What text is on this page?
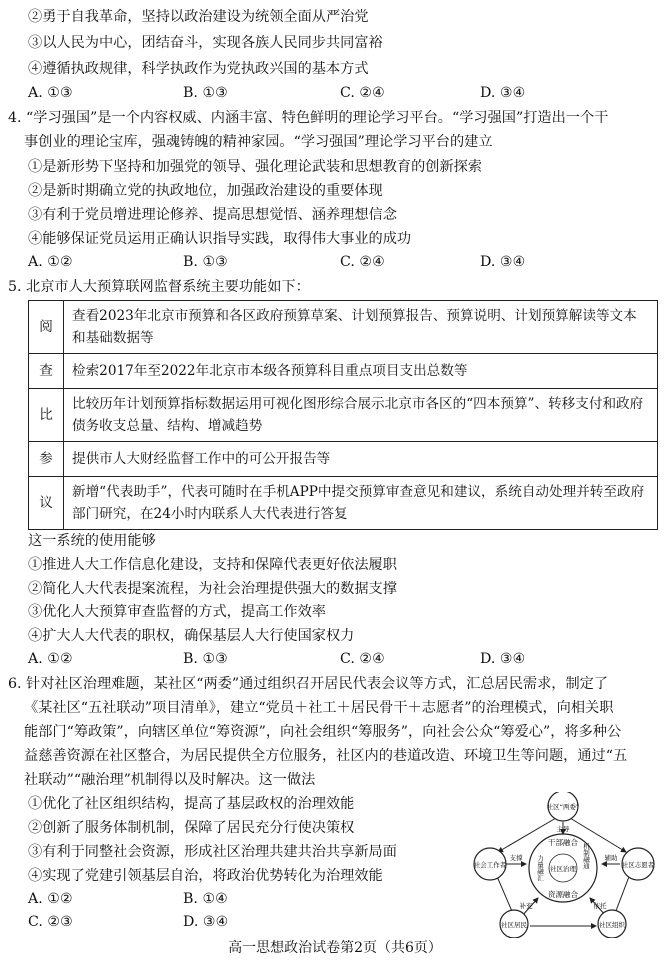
②勇于自我革命，坚持以政治建设为统领全面从严治党
③以人民为中心，团结奋斗，实现各族人民同步共同富裕
④遵循执政规律，科学执政作为党执政兴国的基本方式
A. ①③	B. ①③	C. ②④	D. ③④
4. “学习强国”是一个内容权威、内涵丰富、特色鲜明的理论学习平台。“学习强国”打造出一个干
事创业的理论宝库，强魂铸魄的精神家园。“学习强国”理论学习平台的建立
①是新形势下坚持和加强党的领导、强化理论武装和思想教育的创新探索
②是新时期确立党的执政地位，加强政治建设的重要体现
③有利于党员增进理论修养、提高思想觉悟、涵养理想信念
④能够保证党员运用正确认识指导实践，取得伟大事业的成功
A. ①②	B. ①③	C. ②④	D. ③④
5. 北京市人大预算联网监督系统主要功能如下：
阅	查看2023年北京市预算和各区政府预算草案、计划预算报告、预算说明、计划预算解读等文本和基础数据等
查	检索2017年至2022年北京市本级各预算科目重点项目支出总数等
比	比较历年计划预算指标数据运用可视化图形综合展示北京市各区的“四本预算”、转移支付和政府债务收支总量、结构、增减趋势
参	提供市人大财经监督工作中的可公开报告等
议	新增“代表助手”，代表可随时在手机APP中提交预算审查意见和建议，系统自动处理并转至政府部门研究，在24小时内联系人大代表进行答复
这一系统的使用能够
①推进人大工作信息化建设，支持和保障代表更好依法履职
②简化人大代表提案流程，为社会治理提供强大的数据支撑
③优化人大预算审查监督的方式，提高工作效率
④扩大人大代表的职权，确保基层人大行使国家权力
A. ①②	B. ①③	C. ②④	D. ③④
6. 针对社区治理难题，某社区“两委”通过组织召开居民代表会议等方式，汇总居民需求，制定了
《某社区“五社联动”项目清单》，建立“党员＋社工＋居民骨干＋志愿者”的治理模式，向相关职
能部门“筹政策”，向辖区单位“筹资源”，向社会组织“筹服务”，向社会公众“筹爱心”，将多种公
益慈善资源在社区整合，为居民提供全方位服务，社区内的巷道改造、环境卫生等问题，通过“五
社联动”“融治理”机制得以及时解决。这一做法
①优化了社区组织结构，提高了基层政权的治理效能
②创新了服务体制机制，保障了居民充分行使决策权
③有利于同整社会资源，形成社区治理共建共治共享新局面
④实现了党建引领基层自治，将政治优势转化为治理效能
A. ①②	B. ①④
C. ②③	D. ③④
干部融合
资源融合
力量融汇	机制融通
社区治理
社区“两委”
社会工作者	社区志愿者
社区居民	社区组织
主导
支撑	辅助
补充	依托
高一思想政治试卷第2页（共6页）
